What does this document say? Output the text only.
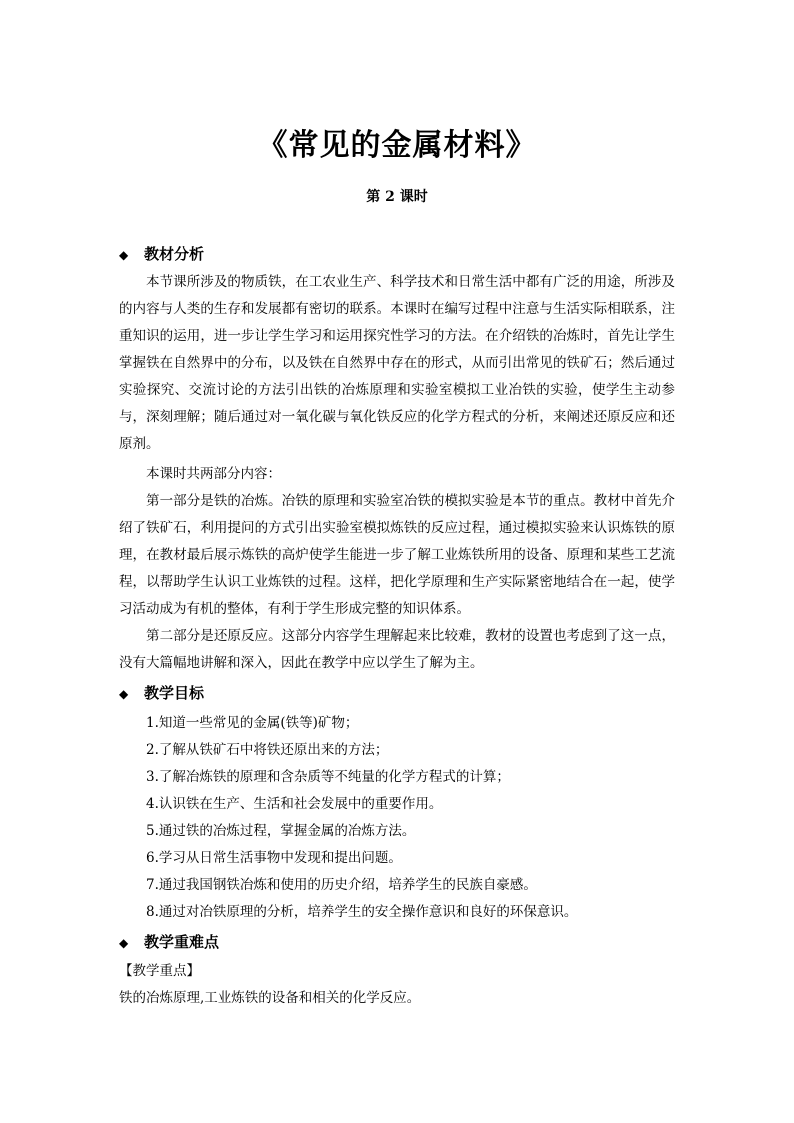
《常见的金属材料》
第 2 课时
◆ 教材分析

本节课所涉及的物质铁，在工农业生产、科学技术和日常生活中都有广泛的用途，所涉及的内容与人类的生存和发展都有密切的联系。本课时在编写过程中注意与生活实际相联系，注重知识的运用，进一步让学生学习和运用探究性学习的方法。在介绍铁的冶炼时，首先让学生掌握铁在自然界中的分布，以及铁在自然界中存在的形式，从而引出常见的铁矿石；然后通过实验探究、交流讨论的方法引出铁的冶炼原理和实验室模拟工业冶铁的实验，使学生主动参与，深刻理解；随后通过对一氧化碳与氧化铁反应的化学方程式的分析，来阐述还原反应和还原剂。

本课时共两部分内容：

第一部分是铁的冶炼。冶铁的原理和实验室冶铁的模拟实验是本节的重点。教材中首先介绍了铁矿石，利用提问的方式引出实验室模拟炼铁的反应过程，通过模拟实验来认识炼铁的原理，在教材最后展示炼铁的高炉使学生能进一步了解工业炼铁所用的设备、原理和某些工艺流程，以帮助学生认识工业炼铁的过程。这样，把化学原理和生产实际紧密地结合在一起，使学习活动成为有机的整体，有利于学生形成完整的知识体系。

第二部分是还原反应。这部分内容学生理解起来比较难，教材的设置也考虑到了这一点，没有大篇幅地讲解和深入，因此在教学中应以学生了解为主。

◆ 教学目标
1.知道一些常见的金属(铁等)矿物；
2.了解从铁矿石中将铁还原出来的方法；
3.了解冶炼铁的原理和含杂质等不纯量的化学方程式的计算；
4.认识铁在生产、生活和社会发展中的重要作用。
5.通过铁的冶炼过程，掌握金属的冶炼方法。
6.学习从日常生活事物中发现和提出问题。
7.通过我国钢铁冶炼和使用的历史介绍，培养学生的民族自豪感。
8.通过对冶铁原理的分析，培养学生的安全操作意识和良好的环保意识。
◆ 教学重难点
【教学重点】
铁的冶炼原理,工业炼铁的设备和相关的化学反应。
